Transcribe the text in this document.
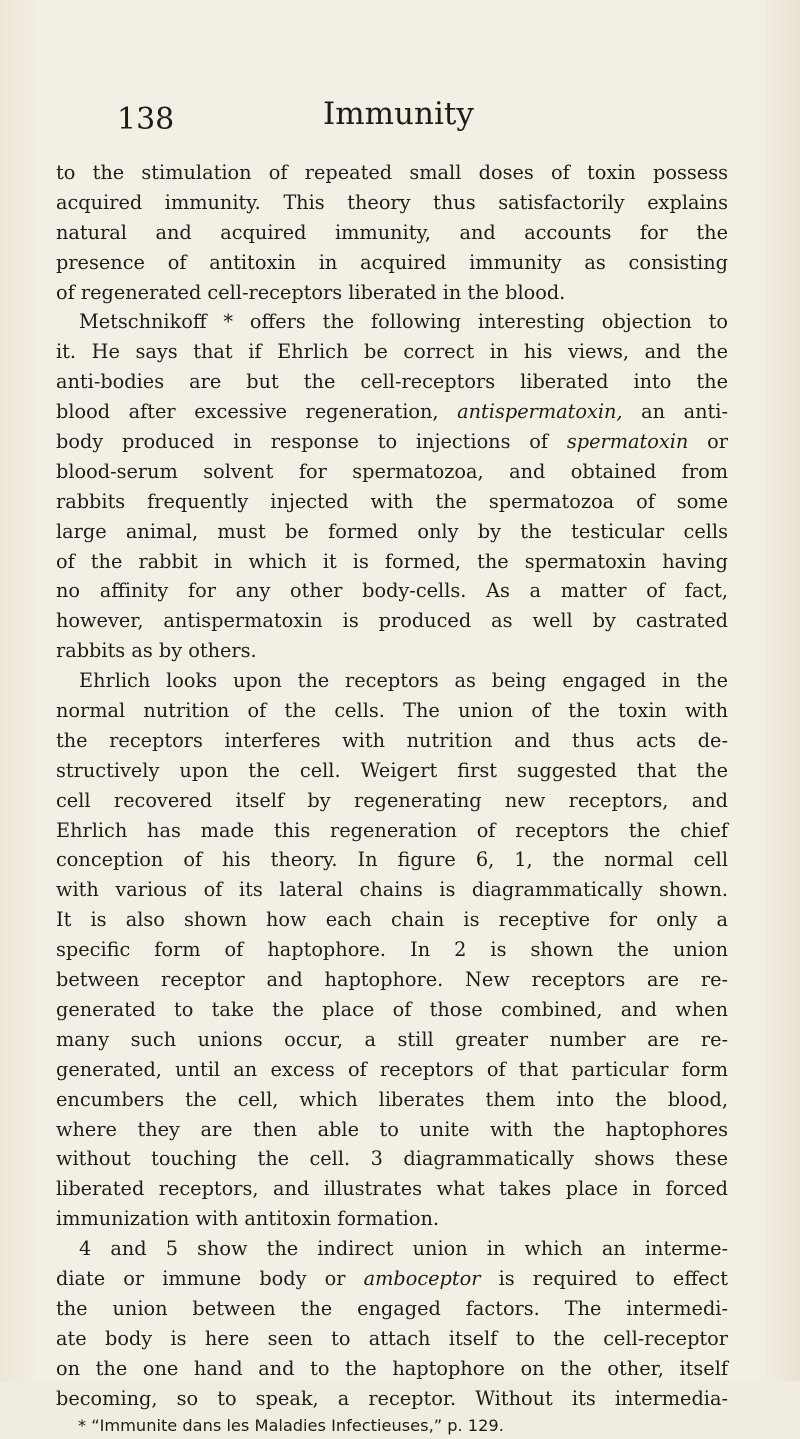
138	Immunity
to the stimulation of repeated small doses of toxin possess
acquired immunity. This theory thus satisfactorily explains
natural and acquired immunity, and accounts for the
presence of antitoxin in acquired immunity as consisting
of regenerated cell-receptors liberated in the blood.
Metschnikoff * offers the following interesting objection to
it. He says that if Ehrlich be correct in his views, and the
anti-bodies are but the cell-receptors liberated into the
blood after excessive regeneration, antispermatoxin, an anti-
body produced in response to injections of spermatoxin or
blood-serum solvent for spermatozoa, and obtained from
rabbits frequently injected with the spermatozoa of some
large animal, must be formed only by the testicular cells
of the rabbit in which it is formed, the spermatoxin having
no affinity for any other body-cells. As a matter of fact,
however, antispermatoxin is produced as well by castrated
rabbits as by others.
Ehrlich looks upon the receptors as being engaged in the
normal nutrition of the cells. The union of the toxin with
the receptors interferes with nutrition and thus acts de-
structively upon the cell. Weigert first suggested that the
cell recovered itself by regenerating new receptors, and
Ehrlich has made this regeneration of receptors the chief
conception of his theory. In figure 6, 1, the normal cell
with various of its lateral chains is diagrammatically shown.
It is also shown how each chain is receptive for only a
specific form of haptophore. In 2 is shown the union
between receptor and haptophore. New receptors are re-
generated to take the place of those combined, and when
many such unions occur, a still greater number are re-
generated, until an excess of receptors of that particular form
encumbers the cell, which liberates them into the blood,
where they are then able to unite with the haptophores
without touching the cell. 3 diagrammatically shows these
liberated receptors, and illustrates what takes place in forced
immunization with antitoxin formation.
4 and 5 show the indirect union in which an interme-
diate or immune body or amboceptor is required to effect
the union between the engaged factors. The intermedi-
ate body is here seen to attach itself to the cell-receptor
on the one hand and to the haptophore on the other, itself
becoming, so to speak, a receptor. Without its intermedia-
* “Immunite dans les Maladies Infectieuses,” p. 129.
